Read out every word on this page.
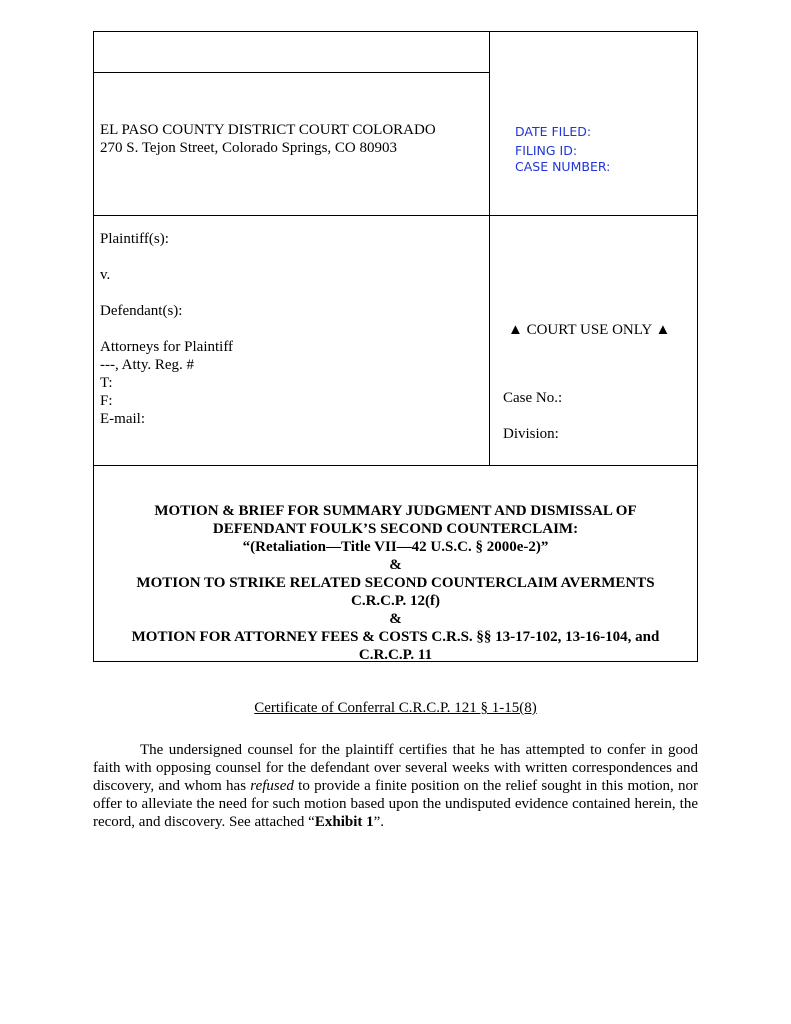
EL PASO COUNTY DISTRICT COURT COLORADO
270 S. Tejon Street, Colorado Springs, CO 80903
DATE FILED:
FILING ID:
CASE NUMBER:
Plaintiff(s):
v.
Defendant(s):
Attorneys for Plaintiff
---, Atty. Reg. #
T:
F:
E-mail:
▲ COURT USE ONLY ▲
Case No.:
Division:
MOTION & BRIEF FOR SUMMARY JUDGMENT AND DISMISSAL OF
DEFENDANT FOULK’S SECOND COUNTERCLAIM:
“(Retaliation—Title VII—42 U.S.C. § 2000e-2)”
&
MOTION TO STRIKE RELATED SECOND COUNTERCLAIM AVERMENTS
C.R.C.P. 12(f)
&
MOTION FOR ATTORNEY FEES & COSTS C.R.S. §§ 13-17-102, 13-16-104, and
C.R.C.P. 11
Certificate of Conferral C.R.C.P. 121 § 1-15(8)

The undersigned counsel for the plaintiff certifies that he has attempted to confer in good faith with opposing counsel for the defendant over several weeks with written correspondences and discovery, and whom has refused to provide a finite position on the relief sought in this motion, nor offer to alleviate the need for such motion based upon the undisputed evidence contained herein, the record, and discovery. See attached “Exhibit 1”.
